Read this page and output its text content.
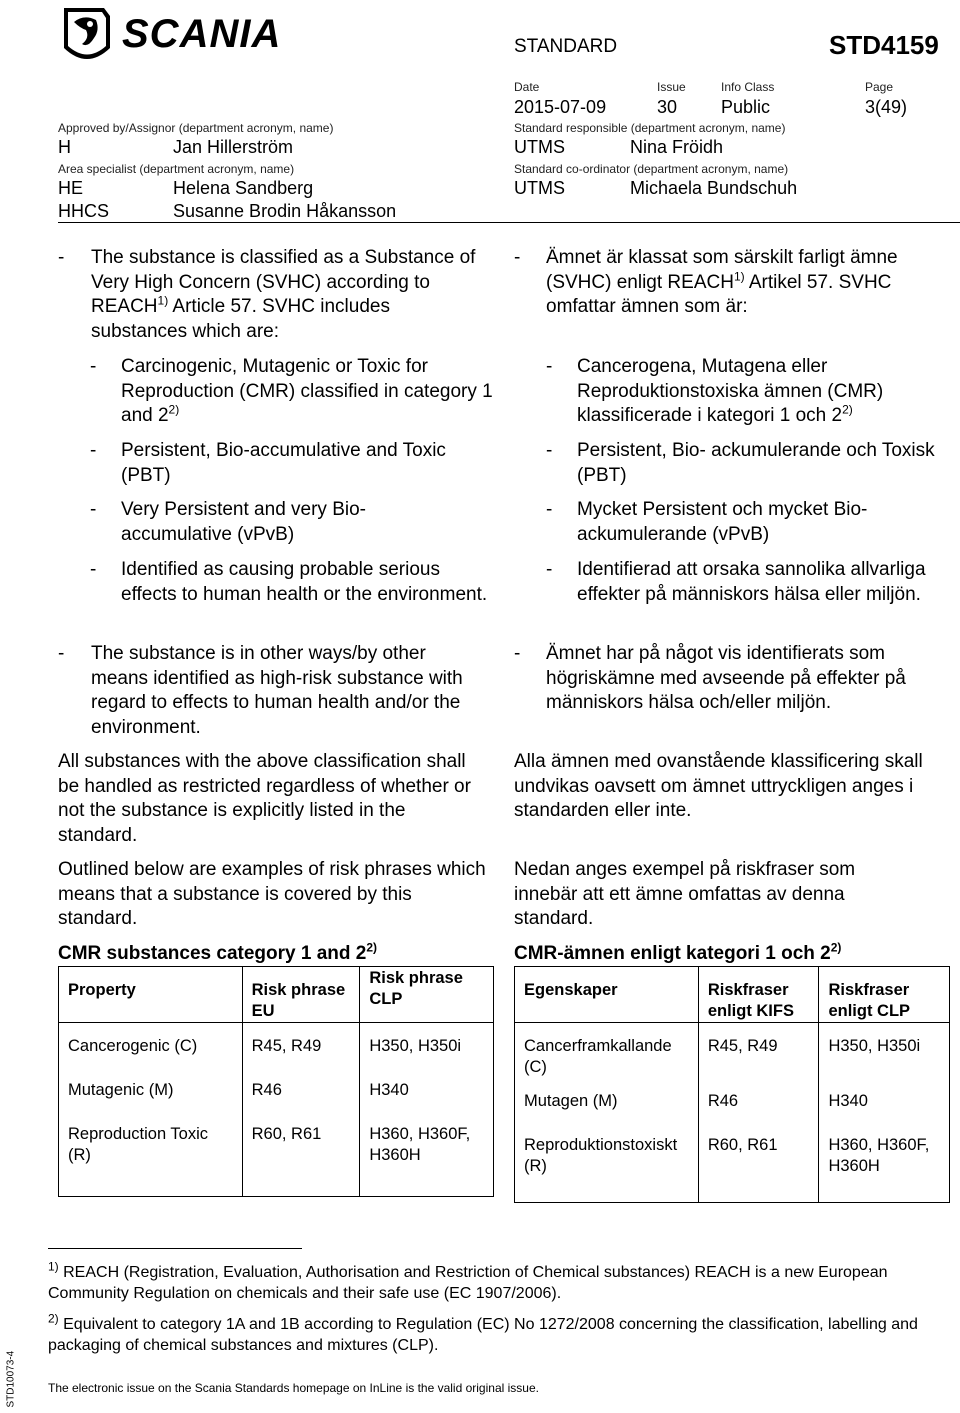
SCANIA	STANDARD	STD4159
Date	Issue	Info Class	Page
2015-07-09	30 Public	3(49)
Approved by/Assignor (department acronym, name)	Standard responsible (department acronym, name)
H	Jan Hillerström	UTMS	Nina Fröidh
Area specialist (department acronym, name)	Standard co-ordinator (department acronym, name)
HE	Helena Sandberg	UTMS	Michaela Bundschuh
HHCS	Susanne Brodin Håkansson
- The substance is classified as a Substance of Very High Concern (SVHC) according to REACH$^{1)}$ Article 57. SVHC includes substances which are:
- Carcinogenic, Mutagenic or Toxic for Reproduction (CMR) classified in category 1 and 2$^{2)}$
- Persistent, Bio-accumulative and Toxic (PBT)
- Very Persistent and very Bio-accumulative (vPvB)
- Identified as causing probable serious effects to human health or the environment.
- The substance is in other ways/by other means identified as high-risk substance with regard to effects to human health and/or the environment.
All substances with the above classification shall be handled as restricted regardless of whether or not the substance is explicitly listed in the standard.
Outlined below are examples of risk phrases which means that a substance is covered by this standard.
CMR substances category 1 and 2$^{2)}$
Property	Risk phrase EU	Risk phrase CLP
Cancerogenic (C)	R45, R49	H350, H350i
Mutagenic (M)	R46	H340
Reproduction Toxic (R)	R60, R61	H360, H360F, H360H
- Ämnet är klassat som särskilt farligt ämne (SVHC) enligt REACH$^{1)}$ Artikel 57. SVHC omfattar ämnen som är:
- Cancerogena, Mutagena eller Reproduktionstoxiska ämnen (CMR) klassificerade i kategori 1 och 2$^{2)}$
- Persistent, Bio- ackumulerande och Toxisk (PBT)
- Mycket Persistent och mycket Bio-ackumulerande (vPvB)
- Identifierad att orsaka sannolika allvarliga effekter på människors hälsa eller miljön.
- Ämnet har på något vis identifierats som högriskämne med avseende på effekter på människors hälsa och/eller miljön.
Alla ämnen med ovanstående klassificering skall undvikas oavsett om ämnet uttryckligen anges i standarden eller inte.
Nedan anges exempel på riskfraser som innebär att ett ämne omfattas av denna standard.
CMR-ämnen enligt kategori 1 och 2$^{2)}$
Egenskaper	Riskfraser enligt KIFS	Riskfraser enligt CLP
Cancerframkallande (C)	R45, R49	H350, H350i
Mutagen (M)	R46	H340
Reproduktionstoxiskt (R)	R60, R61	H360, H360F, H360H
$^{1)}$ REACH (Registration, Evaluation, Authorisation and Restriction of Chemical substances) REACH is a new European Community Regulation on chemicals and their safe use (EC 1907/2006).
$^{2)}$ Equivalent to category 1A and 1B according to Regulation (EC) No 1272/2008 concerning the classification, labelling and packaging of chemical substances and mixtures (CLP).
The electronic issue on the Scania Standards homepage on InLine is the valid original issue.
STD10073-4
